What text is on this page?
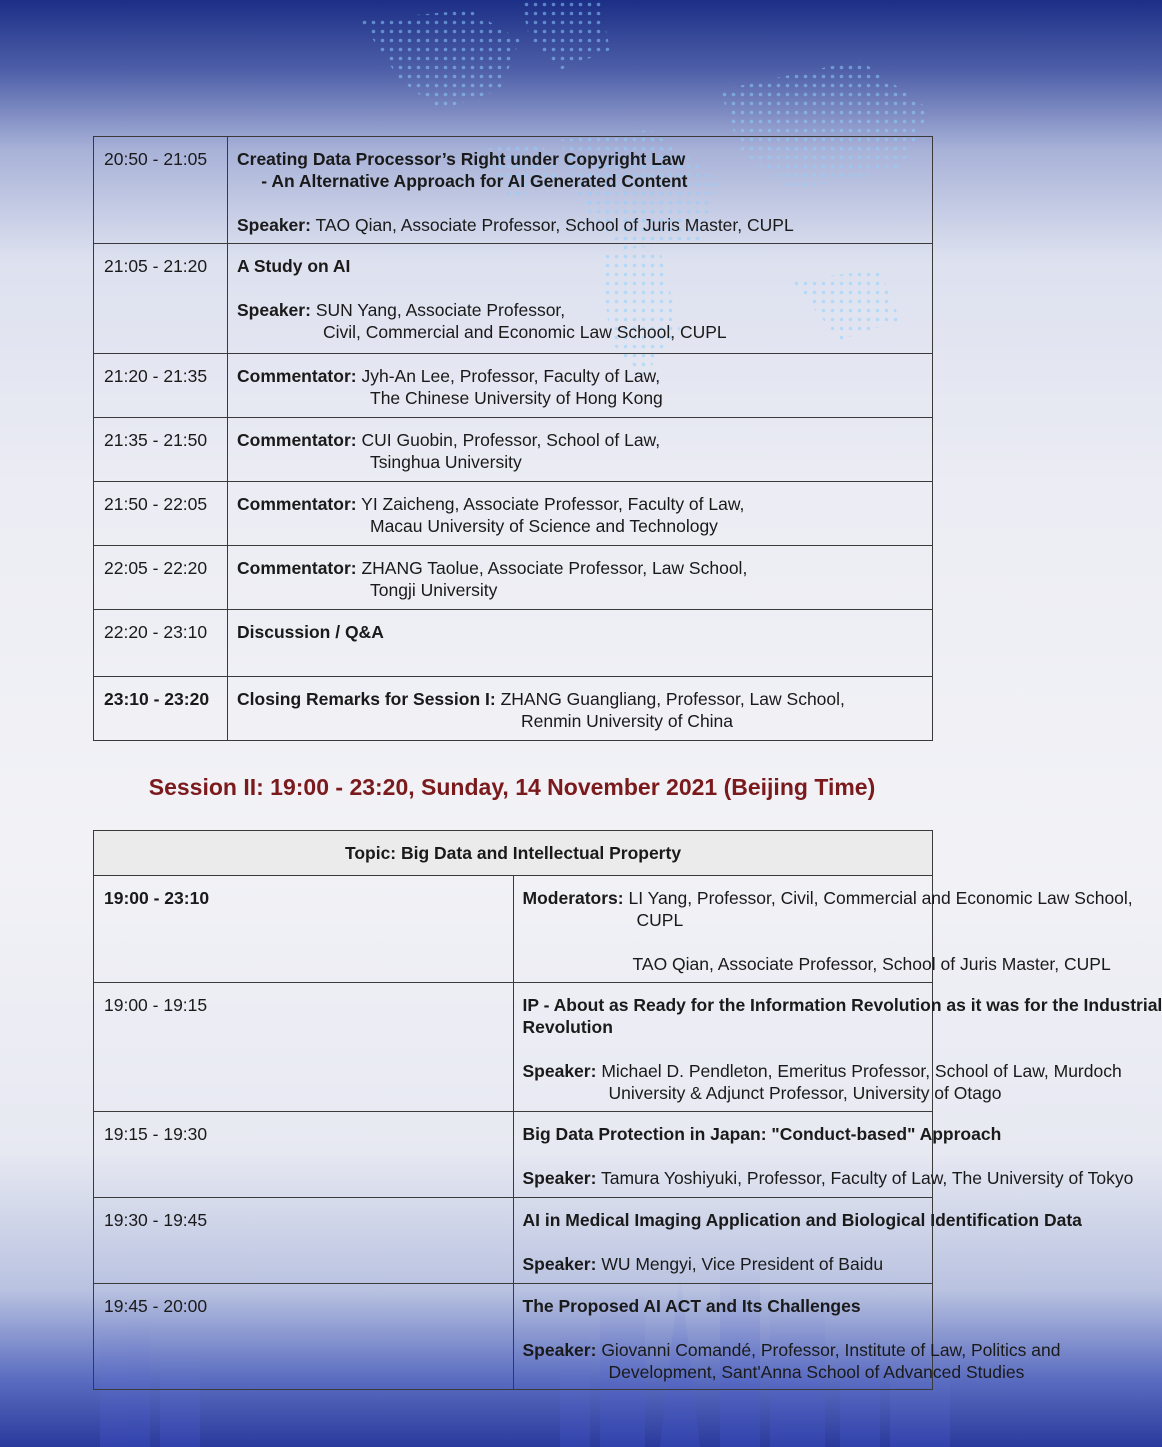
20:50 - 21:05	Creating Data Processor’s Right under Copyright Law
- An Alternative Approach for AI Generated Content
Speaker: TAO Qian, Associate Professor, School of Juris Master, CUPL

21:05 - 21:20	A Study on AI
Speaker: SUN Yang, Associate Professor,
Civil, Commercial and Economic Law School, CUPL

21:20 - 21:35	Commentator: Jyh-An Lee, Professor, Faculty of Law,
The Chinese University of Hong Kong

21:35 - 21:50	Commentator: CUI Guobin, Professor, School of Law,
Tsinghua University

21:50 - 22:05	Commentator: YI Zaicheng, Associate Professor, Faculty of Law,
Macau University of Science and Technology

22:05 - 22:20	Commentator: ZHANG Taolue, Associate Professor, Law School,
Tongji University

22:20 - 23:10	Discussion / Q&A

23:10 - 23:20	Closing Remarks for Session I: ZHANG Guangliang, Professor, Law School,
Renmin University of China
Session II: 19:00 - 23:20, Sunday, 14 November 2021 (Beijing Time)
Topic: Big Data and Intellectual Property	
19:00 - 23:10	Moderators: LI Yang, Professor, Civil, Commercial and Economic Law School,
CUPL
TAO Qian, Associate Professor, School of Juris Master, CUPL

19:00 - 19:15	IP - About as Ready for the Information Revolution as it was for the Industrial
Revolution
Speaker: Michael D. Pendleton, Emeritus Professor, School of Law, Murdoch
University & Adjunct Professor, University of Otago

19:15 - 19:30	Big Data Protection in Japan: "Conduct-based" Approach
Speaker: Tamura Yoshiyuki, Professor, Faculty of Law, The University of Tokyo

19:30 - 19:45	AI in Medical Imaging Application and Biological Identification Data
Speaker: WU Mengyi, Vice President of Baidu

19:45 - 20:00	The Proposed AI ACT and Its Challenges
Speaker: Giovanni Comandé, Professor, Institute of Law, Politics and
Development, Sant'Anna School of Advanced Studies
